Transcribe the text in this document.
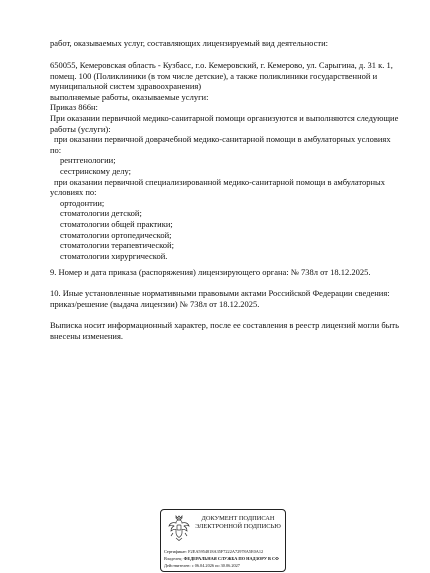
работ, оказываемых услуг, составляющих лицензируемый вид деятельности:
650055, Кемеровская область - Кузбасс, г.о. Кемеровский, г. Кемерово, ул. Сарыгина, д. 31 к. 1,
помещ. 100 (Поликлиники (в том числе детские), а также поликлиники государственной и
муниципальной систем здравоохранения)
выполняемые работы, оказываемые услуги:
Приказ 866н:
При оказании первичной медико-санитарной помощи организуются и выполняются следующие
работы (услуги):
при оказании первичной доврачебной медико-санитарной помощи в амбулаторных условиях
по:
рентгенологии;
сестринскому делу;
при оказании первичной специализированной медико-санитарной помощи в амбулаторных
условиях по:
ортодонтии;
стоматологии детской;
стоматологии общей практики;
стоматологии ортопедической;
стоматологии терапевтической;
стоматологии хирургической.
9. Номер и дата приказа (распоряжения) лицензирующего органа: № 738л от 18.12.2025.
10. Иные установленные нормативными правовыми актами Российской Федерации сведения:
приказ/решение (выдача лицензии) № 738л от 18.12.2025.
Выписка носит информационный характер, после ее составления в реестр лицензий могли быть
внесены изменения.
ДОКУМЕНТ ПОДПИСАН
ЭЛЕКТРОННОЙ ПОДПИСЬЮ
Сертификат: F2EA5954818A35F7222A72978A5E0A12
Владелец: ФЕДЕРАЛЬНАЯ СЛУЖБА ПО НАДЗОРУ В СФ
Действителен: с 06.04.2026 по 30.06.2027
